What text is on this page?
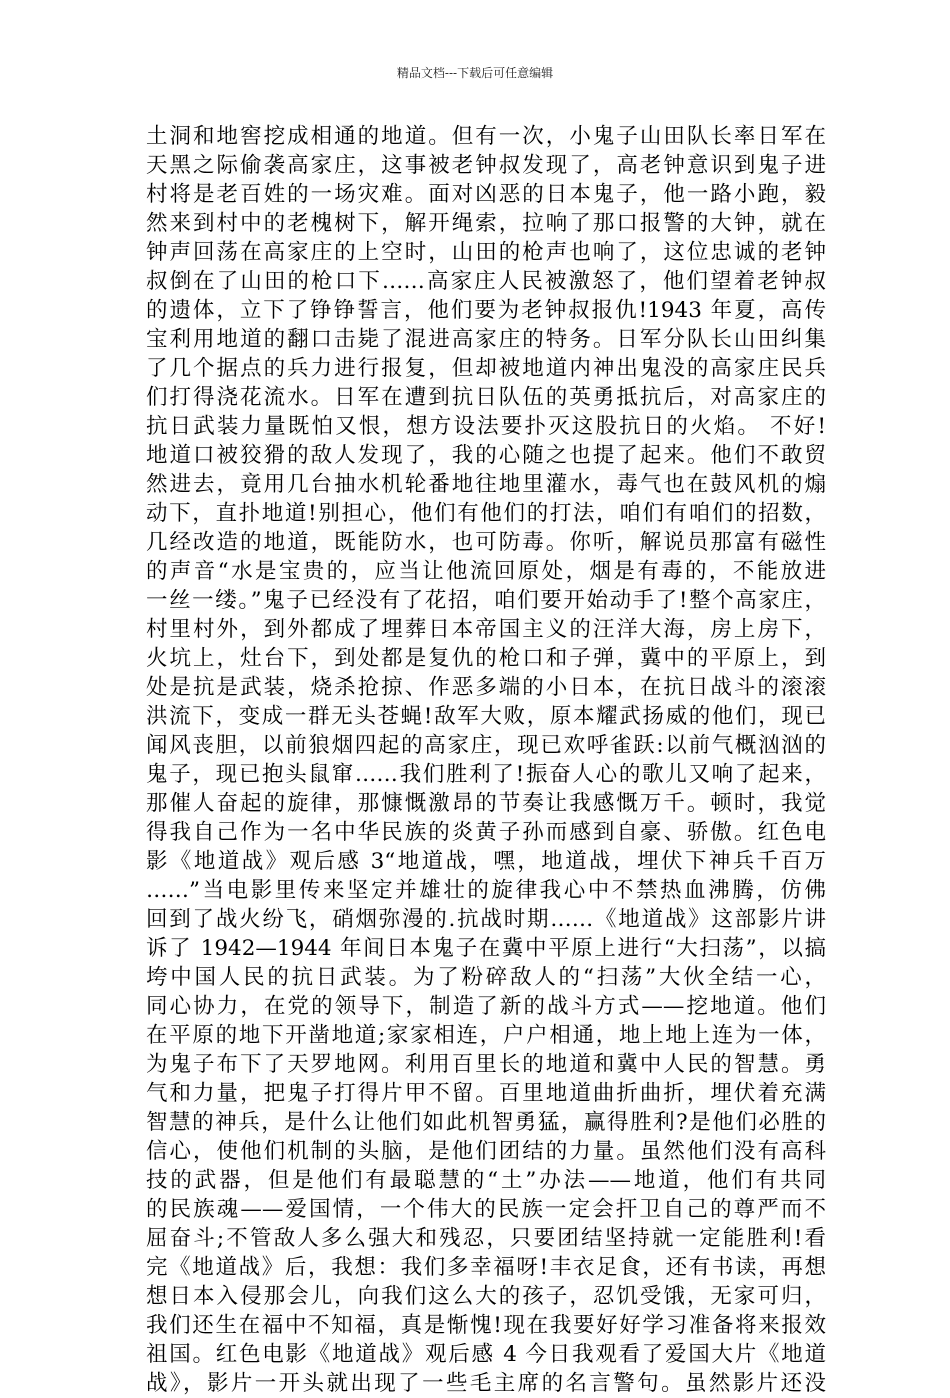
精品文档---下载后可任意编辑
土洞和地窖挖成相通的地道。但有一次，小鬼子山田队长率日军在
天黑之际偷袭高家庄，这事被老钟叔发现了，高老钟意识到鬼子进
村将是老百姓的一场灾难。面对凶恶的日本鬼子，他一路小跑，毅
然来到村中的老槐树下，解开绳索，拉响了那口报警的大钟，就在
钟声回荡在高家庄的上空时，山田的枪声也响了，这位忠诚的老钟
叔倒在了山田的枪口下……高家庄人民被激怒了，他们望着老钟叔
的遗体，立下了铮铮誓言，他们要为老钟叔报仇!1943 年夏，高传
宝利用地道的翻口击毙了混进高家庄的特务。日军分队长山田纠集
了几个据点的兵力进行报复，但却被地道内神出鬼没的高家庄民兵
们打得浇花流水。日军在遭到抗日队伍的英勇抵抗后，对高家庄的
抗日武装力量既怕又恨，想方设法要扑灭这股抗日的火焰。 不好!
地道口被狡猾的敌人发现了，我的心随之也提了起来。他们不敢贸
然进去，竟用几台抽水机轮番地往地里灌水，毒气也在鼓风机的煽
动下，直扑地道!别担心，他们有他们的打法，咱们有咱们的招数，
几经改造的地道，既能防水，也可防毒。你听，解说员那富有磁性
的声音“水是宝贵的，应当让他流回原处，烟是有毒的，不能放进
一丝一缕。”鬼子已经没有了花招，咱们要开始动手了!整个高家庄，
村里村外，到外都成了埋葬日本帝国主义的汪洋大海，房上房下，
火坑上，灶台下，到处都是复仇的枪口和子弹，冀中的平原上，到
处是抗是武装，烧杀抢掠、作恶多端的小日本，在抗日战斗的滚滚
洪流下，变成一群无头苍蝇!敌军大败，原本耀武扬威的他们，现已
闻风丧胆，以前狼烟四起的高家庄，现已欢呼雀跃:以前气概汹汹的
鬼子，现已抱头鼠窜……我们胜利了!振奋人心的歌儿又响了起来，
那催人奋起的旋律，那慷慨激昂的节奏让我感慨万千。顿时，我觉
得我自己作为一名中华民族的炎黄子孙而感到自豪、骄傲。红色电
影《地道战》观后感 3“地道战，嘿，地道战，埋伏下神兵千百万
……”当电影里传来坚定并雄壮的旋律我心中不禁热血沸腾，仿佛
回到了战火纷飞，硝烟弥漫的.抗战时期……《地道战》这部影片讲
诉了 1942—1944 年间日本鬼子在冀中平原上进行“大扫荡”，以搞
垮中国人民的抗日武装。为了粉碎敌人的“扫荡”大伙全结一心，
同心协力，在党的领导下，制造了新的战斗方式——挖地道。他们
在平原的地下开凿地道;家家相连，户户相通，地上地上连为一体，
为鬼子布下了天罗地网。利用百里长的地道和冀中人民的智慧。勇
气和力量，把鬼子打得片甲不留。百里地道曲折曲折，埋伏着充满
智慧的神兵，是什么让他们如此机智勇猛，赢得胜利?是他们必胜的
信心，使他们机制的头脑，是他们团结的力量。虽然他们没有高科
技的武器，但是他们有最聪慧的“土”办法——地道，他们有共同
的民族魂——爱国情，一个伟大的民族一定会扞卫自己的尊严而不
屈奋斗;不管敌人多么强大和残忍，只要团结坚持就一定能胜利!看
完《地道战》后，我想：我们多幸福呀!丰衣足食，还有书读，再想
想日本入侵那会儿，向我们这么大的孩子，忍饥受饿，无家可归，
我们还生在福中不知福，真是惭愧!现在我要好好学习准备将来报效
祖国。红色电影《地道战》观后感 4 今日我观看了爱国大片《地道
战》，影片一开头就出现了一些毛主席的名言警句。虽然影片还没
